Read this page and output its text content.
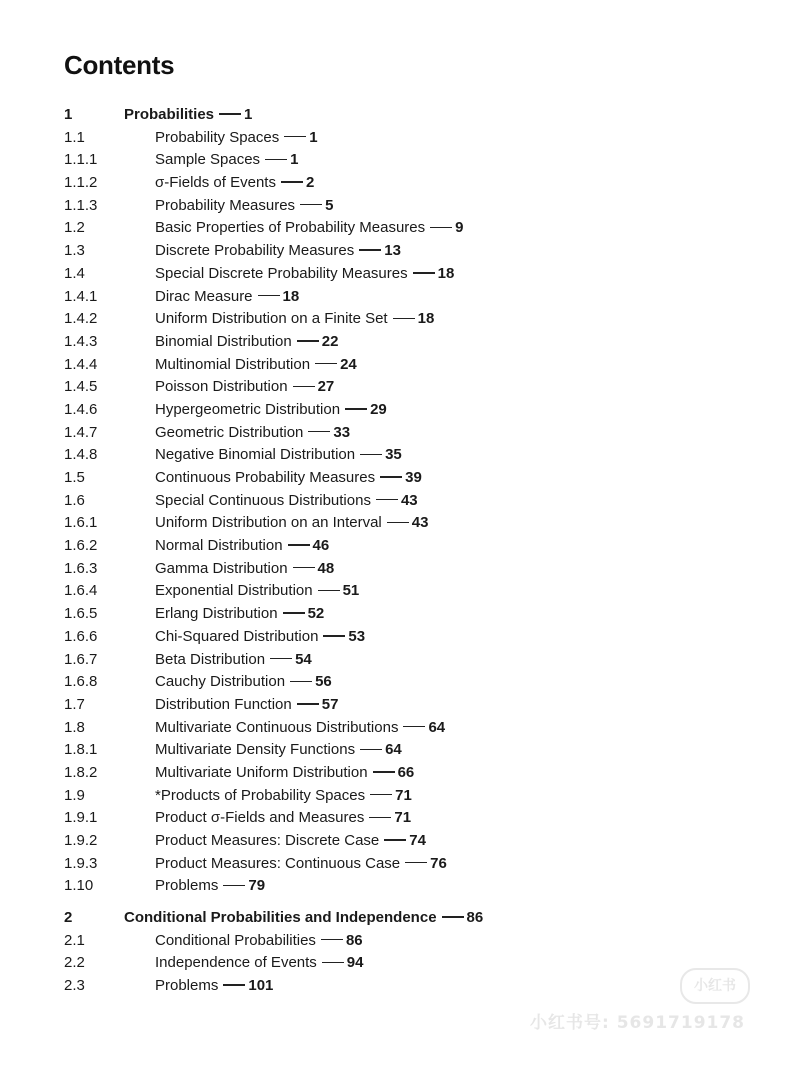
Contents
1	Probabilities 1
1.1	Probability Spaces 1
1.1.1	Sample Spaces 1
1.1.2	σ-Fields of Events 2
1.1.3	Probability Measures 5
1.2	Basic Properties of Probability Measures 9
1.3	Discrete Probability Measures 13
1.4	Special Discrete Probability Measures 18
1.4.1	Dirac Measure 18
1.4.2	Uniform Distribution on a Finite Set 18
1.4.3	Binomial Distribution 22
1.4.4	Multinomial Distribution 24
1.4.5	Poisson Distribution 27
1.4.6	Hypergeometric Distribution 29
1.4.7	Geometric Distribution 33
1.4.8	Negative Binomial Distribution 35
1.5	Continuous Probability Measures 39
1.6	Special Continuous Distributions 43
1.6.1	Uniform Distribution on an Interval 43
1.6.2	Normal Distribution 46
1.6.3	Gamma Distribution 48
1.6.4	Exponential Distribution 51
1.6.5	Erlang Distribution 52
1.6.6	Chi-Squared Distribution 53
1.6.7	Beta Distribution 54
1.6.8	Cauchy Distribution 56
1.7	Distribution Function 57
1.8	Multivariate Continuous Distributions 64
1.8.1	Multivariate Density Functions 64
1.8.2	Multivariate Uniform Distribution 66
1.9	*Products of Probability Spaces 71
1.9.1	Product σ-Fields and Measures 71
1.9.2	Product Measures: Discrete Case 74
1.9.3	Product Measures: Continuous Case 76
1.10	Problems 79
2	Conditional Probabilities and Independence 86
2.1	Conditional Probabilities 86
2.2	Independence of Events 94
2.3	Problems 101	小红书
小红书号: 5691719178
